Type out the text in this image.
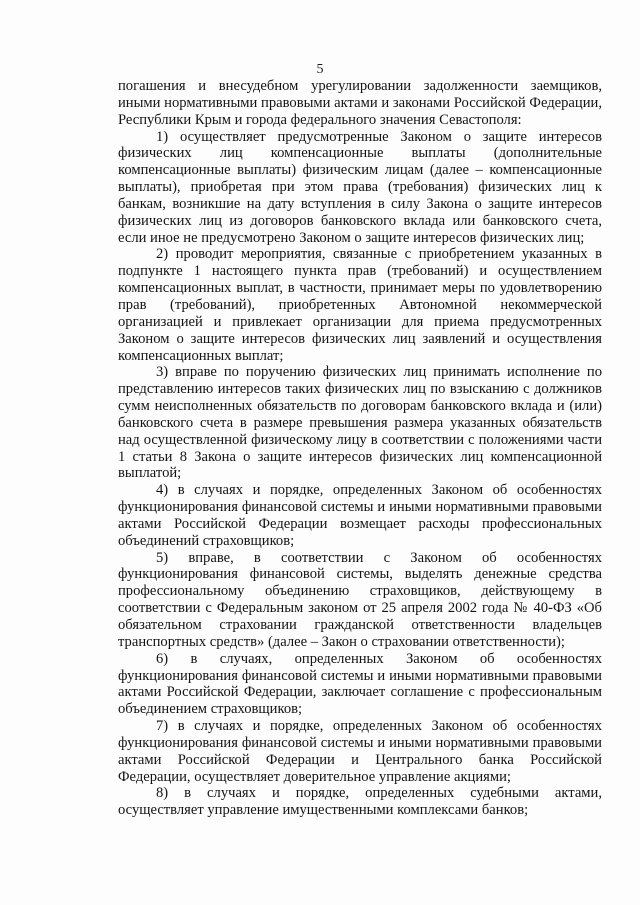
5

погашения и внесудебном урегулировании задолженности заемщиков, иными нормативными правовыми актами и законами Российской Федерации, Республики Крым и города федерального значения Севастополя:

1) осуществляет предусмотренные Законом о защите интересов физических лиц компенсационные выплаты (дополнительные компенсационные выплаты) физическим лицам (далее – компенсационные выплаты), приобретая при этом права (требования) физических лиц к банкам, возникшие на дату вступления в силу Закона о защите интересов физических лиц из договоров банковского вклада или банковского счета, если иное не предусмотрено Законом о защите интересов физических лиц;

2) проводит мероприятия, связанные с приобретением указанных в подпункте 1 настоящего пункта прав (требований) и осуществлением компенсационных выплат, в частности, принимает меры по удовлетворению прав (требований), приобретенных Автономной некоммерческой организацией и привлекает организации для приема предусмотренных Законом о защите интересов физических лиц заявлений и осуществления компенсационных выплат;

3) вправе по поручению физических лиц принимать исполнение по представлению интересов таких физических лиц по взысканию с должников сумм неисполненных обязательств по договорам банковского вклада и (или) банковского счета в размере превышения размера указанных обязательств над осуществленной физическому лицу в соответствии с положениями части 1 статьи 8 Закона о защите интересов физических лиц компенсационной выплатой;

4) в случаях и порядке, определенных Законом об особенностях функционирования финансовой системы и иными нормативными правовыми актами Российской Федерации возмещает расходы профессиональных объединений страховщиков;

5) вправе, в соответствии с Законом об особенностях функционирования финансовой системы, выделять денежные средства профессиональному объединению страховщиков, действующему в соответствии с Федеральным законом от 25 апреля 2002 года № 40-ФЗ «Об обязательном страховании гражданской ответственности владельцев транспортных средств» (далее – Закон о страховании ответственности);

6) в случаях, определенных Законом об особенностях функционирования финансовой системы и иными нормативными правовыми актами Российской Федерации, заключает соглашение с профессиональным объединением страховщиков;

7) в случаях и порядке, определенных Законом об особенностях функционирования финансовой системы и иными нормативными правовыми актами Российской Федерации и Центрального банка Российской Федерации, осуществляет доверительное управление акциями;

8) в случаях и порядке, определенных судебными актами, осуществляет управление имущественными комплексами банков;
